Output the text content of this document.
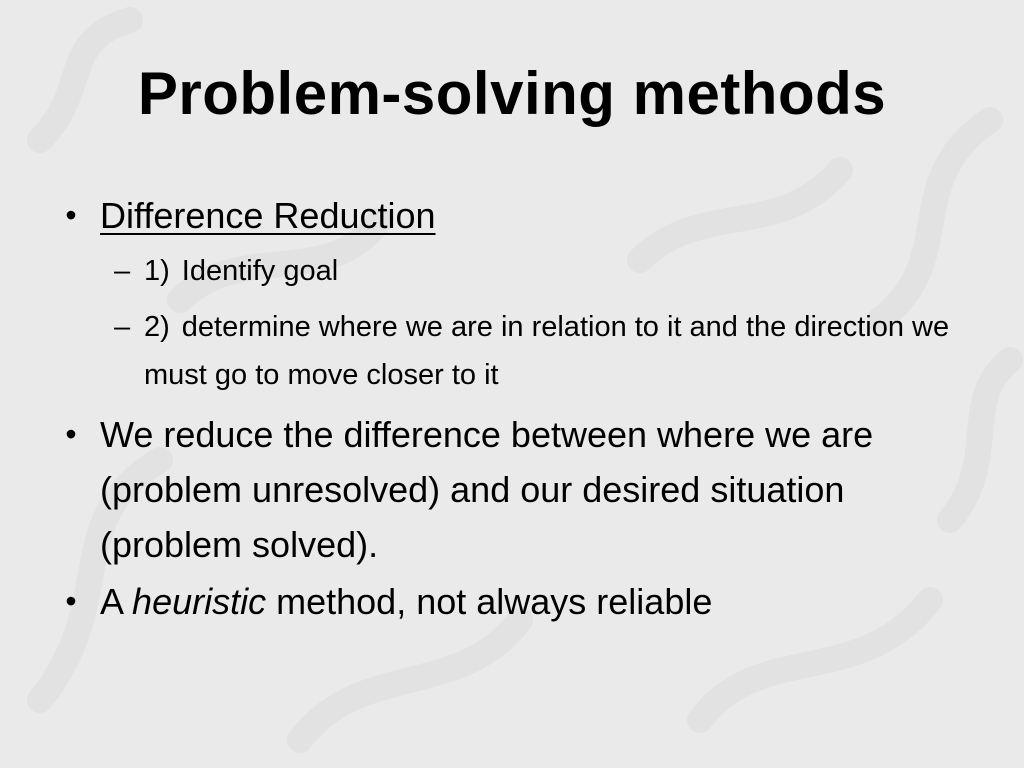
Problem-solving methods
• Difference Reduction
– 1) Identify goal
– 2) determine where we are in relation to it and the direction we must go to move closer to it
• We reduce the difference between where we are (problem unresolved) and our desired situation (problem solved).
• A heuristic method, not always reliable
